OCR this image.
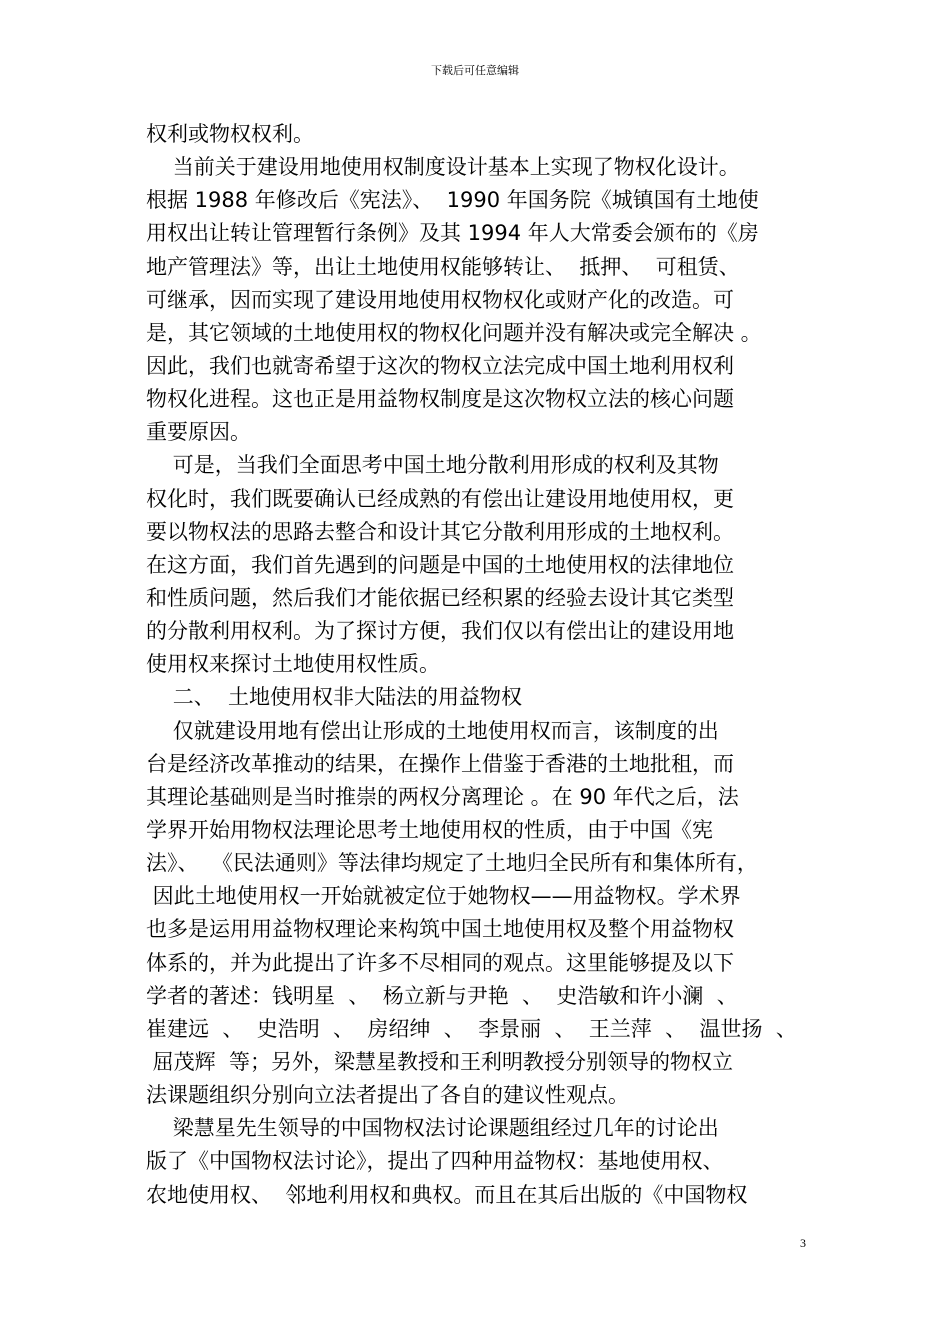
下载后可任意编辑
权利或物权权利。
当前关于建设用地使用权制度设计基本上实现了物权化设计。
根据 1988 年修改后《宪法》、  1990 年国务院《城镇国有土地使
用权出让转让管理暂行条例》及其 1994 年人大常委会颁布的《房
地产管理法》等，出让土地使用权能够转让、  抵押、  可租赁、
可继承，因而实现了建设用地使用权物权化或财产化的改造。可
是，其它领域的土地使用权的物权化问题并没有解决或完全解决 。
因此，我们也就寄希望于这次的物权立法完成中国土地利用权利
物权化进程。这也正是用益物权制度是这次物权立法的核心问题
重要原因。
可是，当我们全面思考中国土地分散利用形成的权利及其物
权化时，我们既要确认已经成熟的有偿出让建设用地使用权，更
要以物权法的思路去整合和设计其它分散利用形成的土地权利。
在这方面，我们首先遇到的问题是中国的土地使用权的法律地位
和性质问题，然后我们才能依据已经积累的经验去设计其它类型
的分散利用权利。为了探讨方便，我们仅以有偿出让的建设用地
使用权来探讨土地使用权性质。
二、  土地使用权非大陆法的用益物权
仅就建设用地有偿出让形成的土地使用权而言，该制度的出
台是经济改革推动的结果，在操作上借鉴于香港的土地批租，而
其理论基础则是当时推崇的两权分离理论 。在 90 年代之后，法
学界开始用物权法理论思考土地使用权的性质，由于中国《宪
法》、  《民法通则》等法律均规定了土地归全民所有和集体所有，
因此土地使用权一开始就被定位于她物权——用益物权。学术界
也多是运用用益物权理论来构筑中国土地使用权及整个用益物权
体系的，并为此提出了许多不尽相同的观点。这里能够提及以下
学者的著述：钱明星  、  杨立新与尹艳  、  史浩敏和许小澜  、
崔建远  、  史浩明  、  房绍绅  、  李景丽  、  王兰萍  、  温世扬  、
屈茂辉  等；另外，梁慧星教授和王利明教授分别领导的物权立
法课题组织分别向立法者提出了各自的建议性观点。
梁慧星先生领导的中国物权法讨论课题组经过几年的讨论出
版了《中国物权法讨论》，提出了四种用益物权：基地使用权、
农地使用权、  邻地利用权和典权。而且在其后出版的《中国物权
3
